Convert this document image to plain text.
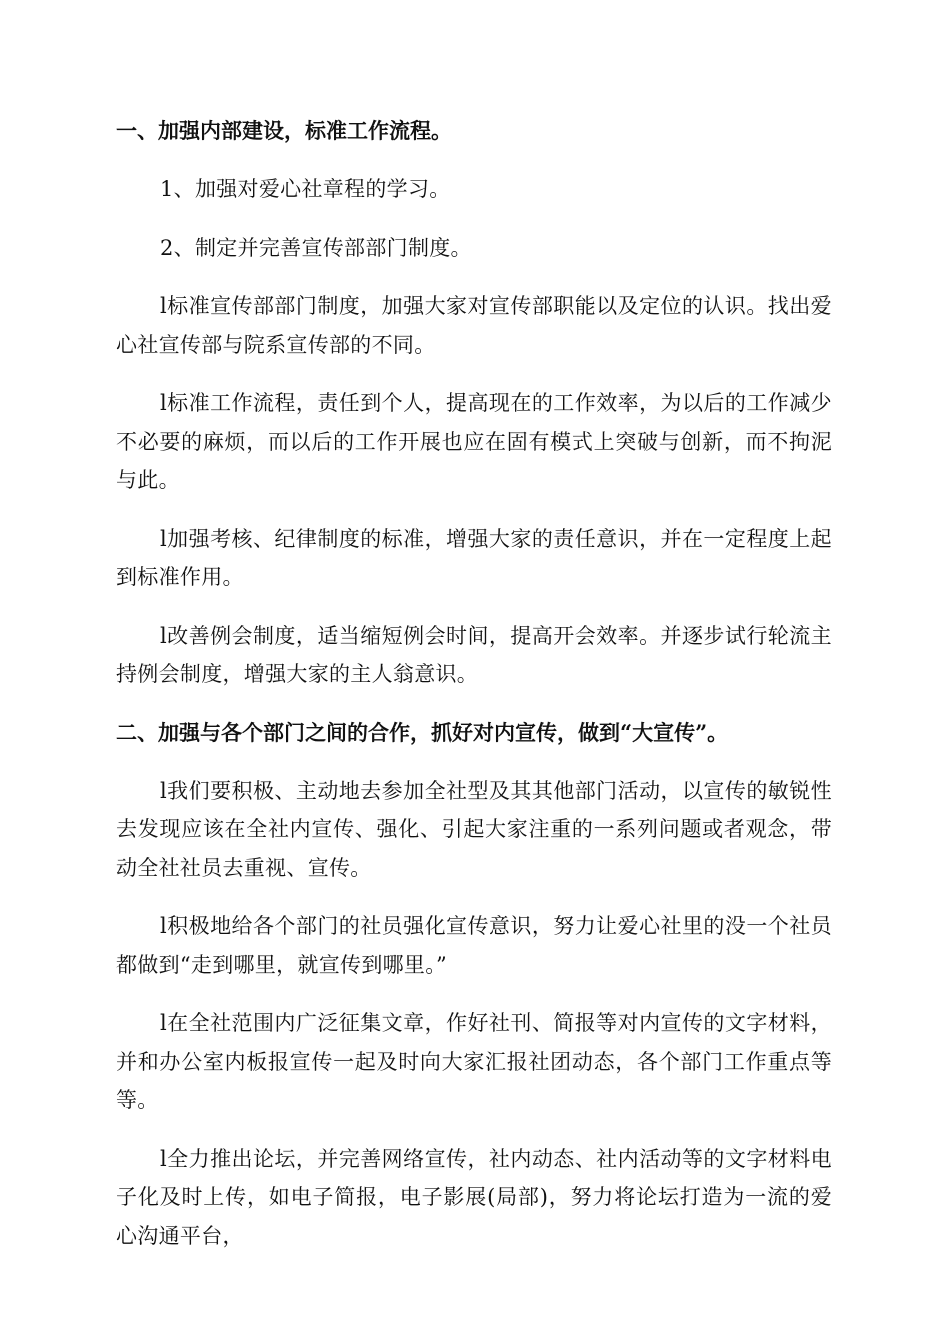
一、加强内部建设，标准工作流程。

1、加强对爱心社章程的学习。

2、制定并完善宣传部部门制度。

l标准宣传部部门制度，加强大家对宣传部职能以及定位的认识。找出爱心社宣传部与院系宣传部的不同。

l标准工作流程，责任到个人，提高现在的工作效率，为以后的工作减少不必要的麻烦，而以后的工作开展也应在固有模式上突破与创新，而不拘泥与此。

l加强考核、纪律制度的标准，增强大家的责任意识，并在一定程度上起到标准作用。

l改善例会制度，适当缩短例会时间，提高开会效率。并逐步试行轮流主持例会制度，增强大家的主人翁意识。

二、加强与各个部门之间的合作，抓好对内宣传，做到“大宣传”。

l我们要积极、主动地去参加全社型及其其他部门活动，以宣传的敏锐性去发现应该在全社内宣传、强化、引起大家注重的一系列问题或者观念，带动全社社员去重视、宣传。

l积极地给各个部门的社员强化宣传意识，努力让爱心社里的没一个社员都做到“走到哪里，就宣传到哪里。”

l在全社范围内广泛征集文章，作好社刊、简报等对内宣传的文字材料，并和办公室内板报宣传一起及时向大家汇报社团动态，各个部门工作重点等等。

l全力推出论坛，并完善网络宣传，社内动态、社内活动等的文字材料电子化及时上传，如电子简报，电子影展(局部)，努力将论坛打造为一流的爱心沟通平台，
